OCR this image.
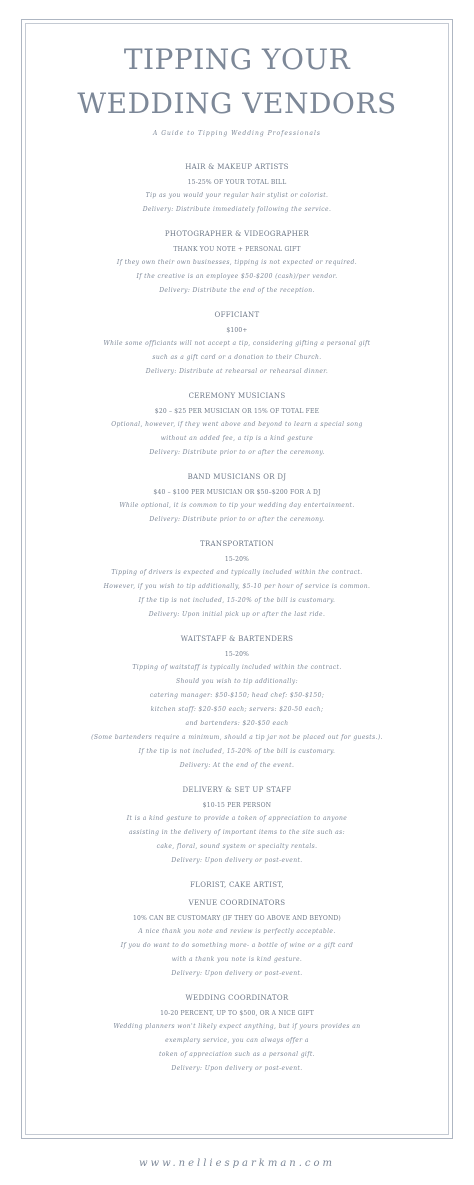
TIPPING YOUR
WEDDING VENDORS
A Guide to Tipping Wedding Professionals
HAIR & MAKEUP ARTISTS
15-25% OF YOUR TOTAL BILL
Tip as you would your regular hair stylist or colorist.
Delivery: Distribute immediately following the service.
PHOTOGRAPHER & VIDEOGRAPHER
THANK YOU NOTE + PERSONAL GIFT
If they own their own businesses, tipping is not expected or required.
If the creative is an employee $50-$200 (cash)/per vendor.
Delivery: Distribute the end of the reception.
OFFICIANT
$100+
While some officiants will not accept a tip, considering gifting a personal gift
such as a gift card or a donation to their Church.
Delivery: Distribute at rehearsal or rehearsal dinner.
CEREMONY MUSICIANS
$20 – $25 PER MUSICIAN OR 15% OF TOTAL FEE
Optional, however, if they went above and beyond to learn a special song
without an added fee, a tip is a kind gesture
Delivery: Distribute prior to or after the ceremony.
BAND MUSICIANS OR DJ
$40 – $100 PER MUSICIAN OR $50–$200 FOR A DJ
While optional, it is common to tip your wedding day entertainment.
Delivery: Distribute prior to or after the ceremony.
TRANSPORTATION
15-20%
Tipping of drivers is expected and typically included within the contract.
However, if you wish to tip additionally, $5-10 per hour of service is common.
If the tip is not included, 15-20% of the bill is customary.
Delivery: Upon initial pick up or after the last ride.
WAITSTAFF & BARTENDERS
15-20%
Tipping of waitstaff is typically included within the contract.
Should you wish to tip additionally:
catering manager: $50-$150; head chef: $50-$150;
kitchen staff: $20-$50 each; servers: $20-50 each;
and bartenders: $20-$50 each
(Some bartenders require a minimum, should a tip jar not be placed out for guests.).
If the tip is not included, 15-20% of the bill is customary.
Delivery: At the end of the event.
DELIVERY & SET UP STAFF
$10-15 PER PERSON
It is a kind gesture to provide a token of appreciation to anyone
assisting in the delivery of important items to the site such as:
cake, floral, sound system or specialty rentals.
Delivery: Upon delivery or post-event.
FLORIST, CAKE ARTIST,
VENUE COORDINATORS
10% CAN BE CUSTOMARY (IF THEY GO ABOVE AND BEYOND)
A nice thank you note and review is perfectly acceptable.
If you do want to do something more- a bottle of wine or a gift card
with a thank you note is kind gesture.
Delivery: Upon delivery or post-event.
WEDDING COORDINATOR
10-20 PERCENT, UP TO $500, OR A NICE GIFT
Wedding planners won't likely expect anything, but if yours provides an
exemplary service, you can always offer a
token of appreciation such as a personal gift.
Delivery: Upon delivery or post-event.
www.nelliesparkman.com
